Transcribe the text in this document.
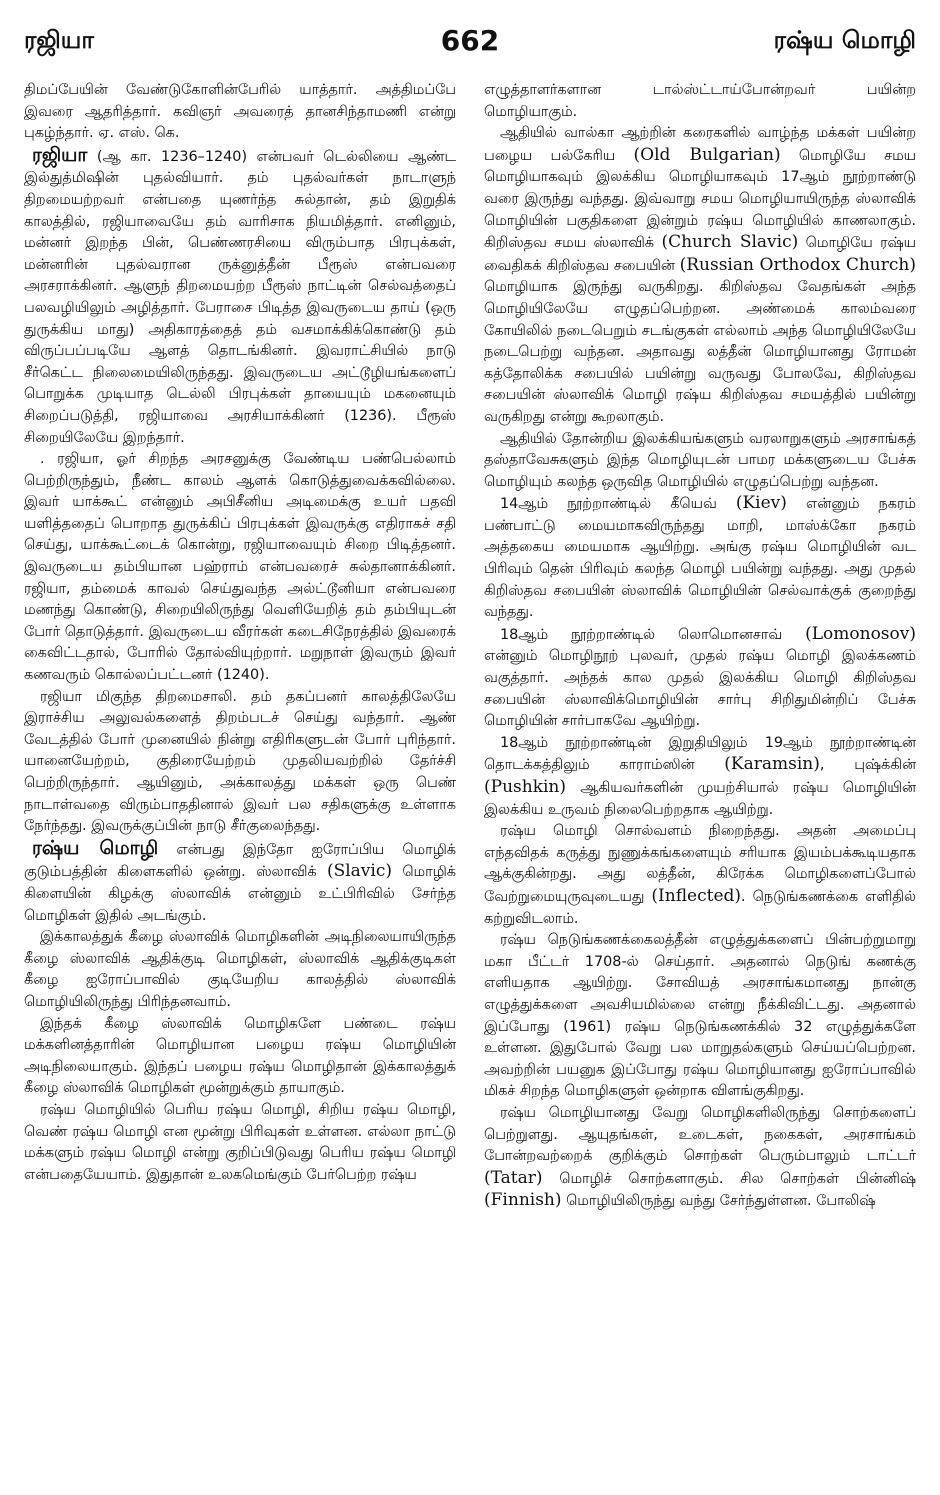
ரஜியா	662	ரஷ்ய மொழி

திமப்பேயின் வேண்டுகோளின்பேரில் யாத்தார். அத்திமப்பே இவரை ஆதரித்தார். கவிஞர் அவரைத் தானசிந்தாமணி என்று புகழ்ந்தார். ஏ. எஸ். கெ.

ரஜியா (ஆ கா. 1236–1240) என்பவர் டெல்லியை ஆண்ட இல்துத்மிஷின் புதல்வியார். தம் புதல்வர்கள் நாடாளுந் திறமையற்றவர் என்பதை யுணர்ந்த சுல்தான், தம் இறுதிக் காலத்தில், ரஜியாவையே தம் வாரிசாக நியமித்தார். எனினும், மன்னர் இறந்த பின், பெண்ணரசியை விரும்பாத பிரபுக்கள், மன்னரின் புதல்வரான ருக்னுத்தீன் பீரூஸ் என்பவரை அரசராக்கினர். ஆளுந் திறமையற்ற பீரூஸ் நாட்டின் செல்வத்தைப் பலவழியிலும் அழித்தார். பேராசை பிடித்த இவருடைய தாய் (ஒரு துருக்கிய மாது) அதிகாரத்தைத் தம் வசமாக்கிக்கொண்டு தம் விருப்பப்படியே ஆளத் தொடங்கினர். இவராட்சியில் நாடு சீர்கெட்ட நிலைமையிலிருந்தது. இவருடைய அட்டூழியங்களைப் பொறுக்க முடியாத டெல்லி பிரபுக்கள் தாயையும் மகனையும் சிறைப்படுத்தி, ரஜியாவை அரசியாக்கினர் (1236). பீரூஸ் சிறையிலேயே இறந்தார்.

. ரஜியா, ஓர் சிறந்த அரசனுக்கு வேண்டிய பண்பெல்லாம் பெற்றிருந்தும், நீண்ட காலம் ஆளக் கொடுத்துவைக்கவில்லை. இவர் யாக்கூட் என்னும் அபிசீனிய அடிமைக்கு உயர் பதவி யளித்ததைப் பொறாத துருக்கிப் பிரபுக்கள் இவருக்கு எதிராகச் சதி செய்து, யாக்கூட்டைக் கொன்று, ரஜியாவையும் சிறை பிடித்தனர். இவருடைய தம்பியான பஹ்ராம் என்பவரைச் சுல்தானாக்கினர். ரஜியா, தம்மைக் காவல் செய்துவந்த அல்ட்டூனியா என்பவரை மணந்து கொண்டு, சிறையிலிருந்து வெளியேறித் தம் தம்பியுடன் போர் தொடுத்தார். இவருடைய வீரர்கள் கடைசிநேரத்தில் இவரைக் கைவிட்டதால், போரில் தோல்வியுற்றார். மறுநாள் இவரும் இவர் கணவரும் கொல்லப்பட்டனர் (1240).

ரஜியா மிகுந்த திறமைசாலி. தம் தகப்பனர் காலத்திலேயே இராச்சிய அலுவல்களைத் திறம்படச் செய்து வந்தார். ஆண் வேடத்தில் போர் முனையில் நின்று எதிரிகளுடன் போர் புரிந்தார். யானையேற்றம், குதிரையேற்றம் முதலியவற்றில் தேர்ச்சி பெற்றிருந்தார். ஆயினும், அக்காலத்து மக்கள் ஒரு பெண் நாடாள்வதை விரும்பாததினால் இவர் பல சதிகளுக்கு உள்ளாக நேர்ந்தது. இவருக்குப்பின் நாடு சீர்குலைந்தது.

ரஷ்ய மொழி என்பது இந்தோ ஐரோப்பிய மொழிக் குடும்பத்தின் கிளைகளில் ஒன்று. ஸ்லாவிக் (Slavic) மொழிக் கிளையின் கிழக்கு ஸ்லாவிக் என்னும் உட்பிரிவில் சேர்ந்த மொழிகள் இதில் அடங்கும்.

இக்காலத்துக் கீழை ஸ்லாவிக் மொழிகளின் அடிநிலையாயிருந்த கீழை ஸ்லாவிக் ஆதிக்குடி மொழிகள், ஸ்லாவிக் ஆதிக்குடிகள் கீழை ஐரோப்பாவில் குடியேறிய காலத்தில் ஸ்லாவிக் மொழியிலிருந்து பிரிந்தனவாம்.

இந்தக் கீழை ஸ்லாவிக் மொழிகளே பண்டை ரஷ்ய மக்களினத்தாரின் மொழியான பழைய ரஷ்ய மொழியின் அடிநிலையாகும். இந்தப் பழைய ரஷ்ய மொழிதான் இக்காலத்துக் கீழை ஸ்லாவிக் மொழிகள் மூன்றுக்கும் தாயாகும்.

ரஷ்ய மொழியில் பெரிய ரஷ்ய மொழி, சிறிய ரஷ்ய மொழி, வெண் ரஷ்ய மொழி என மூன்று பிரிவுகள் உள்ளன. எல்லா நாட்டு மக்களும் ரஷ்ய மொழி என்று குறிப்பிடுவது பெரிய ரஷ்ய மொழி என்பதையேயாம். இதுதான் உலகமெங்கும் பேர்பெற்ற ரஷ்ய

எழுத்தாளர்களான டால்ஸ்ட்டாய்போன்றவர் பயின்ற மொழியாகும்.

ஆதியில் வால்கா ஆற்றின் கரைகளில் வாழ்ந்த மக்கள் பயின்ற பழைய பல்கேரிய (Old Bulgarian) மொழியே சமய மொழியாகவும் இலக்கிய மொழியாகவும் 17ஆம் நூற்றாண்டு வரை இருந்து வந்தது. இவ்வாறு சமய மொழியாயிருந்த ஸ்லாவிக் மொழியின் பகுதிகளை இன்றும் ரஷ்ய மொழியில் காணலாகும். கிறிஸ்தவ சமய ஸ்லாவிக் (Church Slavic) மொழியே ரஷ்ய வைதிகக் கிறிஸ்தவ சபையின் (Russian Orthodox Church) மொழியாக இருந்து வருகிறது. கிறிஸ்தவ வேதங்கள் அந்த மொழியிலேயே எழுதப்பெற்றன. அண்மைக் காலம்வரை கோயிலில் நடைபெறும் சடங்குகள் எல்லாம் அந்த மொழியிலேயே நடைபெற்று வந்தன. அதாவது லத்தீன் மொழியானது ரோமன் கத்தோலிக்க சபையில் பயின்று வருவது போலவே, கிறிஸ்தவ சபையின் ஸ்லாவிக் மொழி ரஷ்ய கிறிஸ்தவ சமயத்தில் பயின்று வருகிறது என்று கூறலாகும்.

ஆதியில் தோன்றிய இலக்கியங்களும் வரலாறுகளும் அரசாங்கத் தஸ்தாவேசுகளும் இந்த மொழியுடன் பாமர மக்களுடைய பேச்சு மொழியும் கலந்த ஒருவித மொழியில் எழுதப்பெற்று வந்தன.

14ஆம் நூற்றாண்டில் கீயெவ் (Kiev) என்னும் நகரம் பண்பாட்டு மையமாகவிருந்தது மாறி, மாஸ்க்கோ நகரம் அத்தகைய மையமாக ஆயிற்று. அங்கு ரஷ்ய மொழியின் வட பிரிவும் தென் பிரிவும் கலந்த மொழி பயின்று வந்தது. அது முதல் கிறிஸ்தவ சபையின் ஸ்லாவிக் மொழியின் செல்வாக்குக் குறைந்து வந்தது.

18ஆம் நூற்றாண்டில் லொமொனசாவ் (Lomonosov) என்னும் மொழிநூற் புலவர், முதல் ரஷ்ய மொழி இலக்கணம் வகுத்தார். அந்தக் கால முதல் இலக்கிய மொழி கிறிஸ்தவ சபையின் ஸ்லாவிக்மொழியின் சார்பு சிறிதுமின்றிப் பேச்சு மொழியின் சார்பாகவே ஆயிற்று.

18ஆம் நூற்றாண்டின் இறுதியிலும் 19ஆம் நூற்றாண்டின் தொடக்கத்திலும் காராம்ஸின் (Karamsin), புஷ்க்கின் (Pushkin) ஆகியவர்களின் முயற்சியால் ரஷ்ய மொழியின் இலக்கிய உருவம் நிலைபெற்றதாக ஆயிற்று.

ரஷ்ய மொழி சொல்வளம் நிறைந்தது. அதன் அமைப்பு எந்தவிதக் கருத்து நுணுக்கங்களையும் சரியாக இயம்பக்கூடியதாக ஆக்குகின்றது. அது லத்தீன், கிரேக்க மொழிகளைப்போல் வேற்றுமையுருவுடையது (Inflected). நெடுங்கணக்கை எளிதில் கற்றுவிடலாம்.

ரஷ்ய நெடுங்கணக்கைலத்தீன் எழுத்துக்களைப் பின்பற்றுமாறு மகா பீட்டர் 1708-ல் செய்தார். அதனால் நெடுங் கணக்கு எளியதாக ஆயிற்று. சோவியத் அரசாங்கமானது நான்கு எழுத்துக்களை அவசியமில்லை என்று நீக்கிவிட்டது. அதனால் இப்போது (1961) ரஷ்ய நெடுங்கணக்கில் 32 எழுத்துக்களே உள்ளன. இதுபோல் வேறு பல மாறுதல்களும் செய்யப்பெற்றன. அவற்றின் பயனுக இப்போது ரஷ்ய மொழியானது ஐரோப்பாவில் மிகச் சிறந்த மொழிகளுள் ஒன்றாக விளங்குகிறது.

ரஷ்ய மொழியானது வேறு மொழிகளிலிருந்து சொற்களைப் பெற்றுளது. ஆயுதங்கள், உடைகள், நகைகள், அரசாங்கம் போன்றவற்றைக் குறிக்கும் சொற்கள் பெரும்பாலும் டாட்டர் (Tatar) மொழிச் சொற்களாகும். சில சொற்கள் பின்னிஷ் (Finnish) மொழியிலிருந்து வந்து சேர்ந்துள்ளன. போலிஷ்
